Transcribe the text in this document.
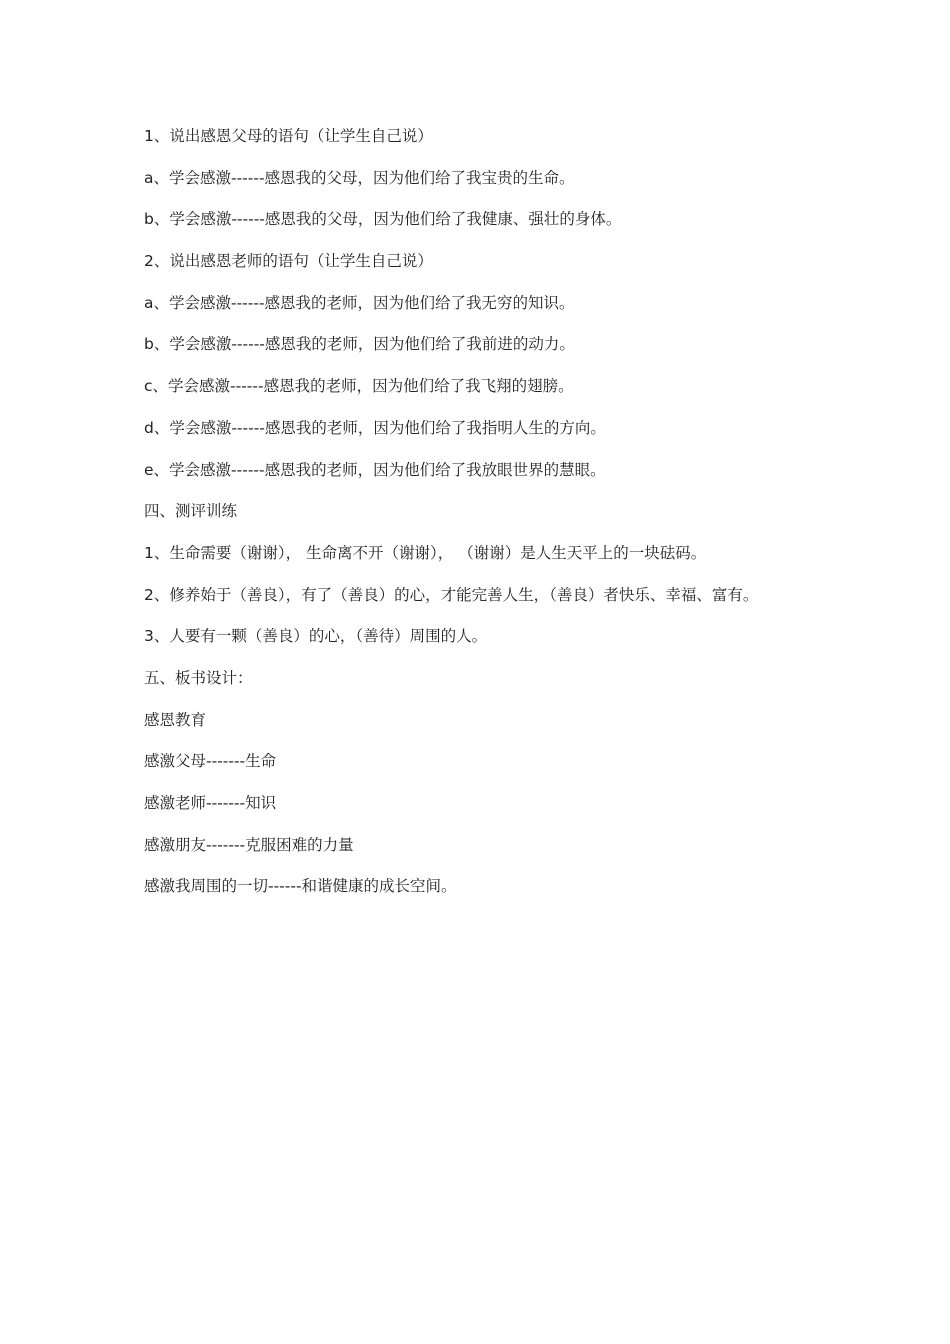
1、说出感恩父母的语句（让学生自己说）
a、学会感激------感恩我的父母，因为他们给了我宝贵的生命。
b、学会感激------感恩我的父母，因为他们给了我健康、强壮的身体。
2、说出感恩老师的语句（让学生自己说）
a、学会感激------感恩我的老师，因为他们给了我无穷的知识。
b、学会感激------感恩我的老师，因为他们给了我前进的动力。
c、学会感激------感恩我的老师，因为他们给了我飞翔的翅膀。
d、学会感激------感恩我的老师，因为他们给了我指明人生的方向。
e、学会感激------感恩我的老师，因为他们给了我放眼世界的慧眼。
四、测评训练
1、生命需要（谢谢）， 生命离不开（谢谢）， （谢谢）是人生天平上的一块砝码。
2、修养始于（善良），有了（善良）的心，才能完善人生，（善良）者快乐、幸福、富有。
3、人要有一颗（善良）的心，（善待）周围的人。
五、板书设计：
感恩教育
感激父母-------生命
感激老师-------知识
感激朋友-------克服困难的力量
感激我周围的一切------和谐健康的成长空间。
